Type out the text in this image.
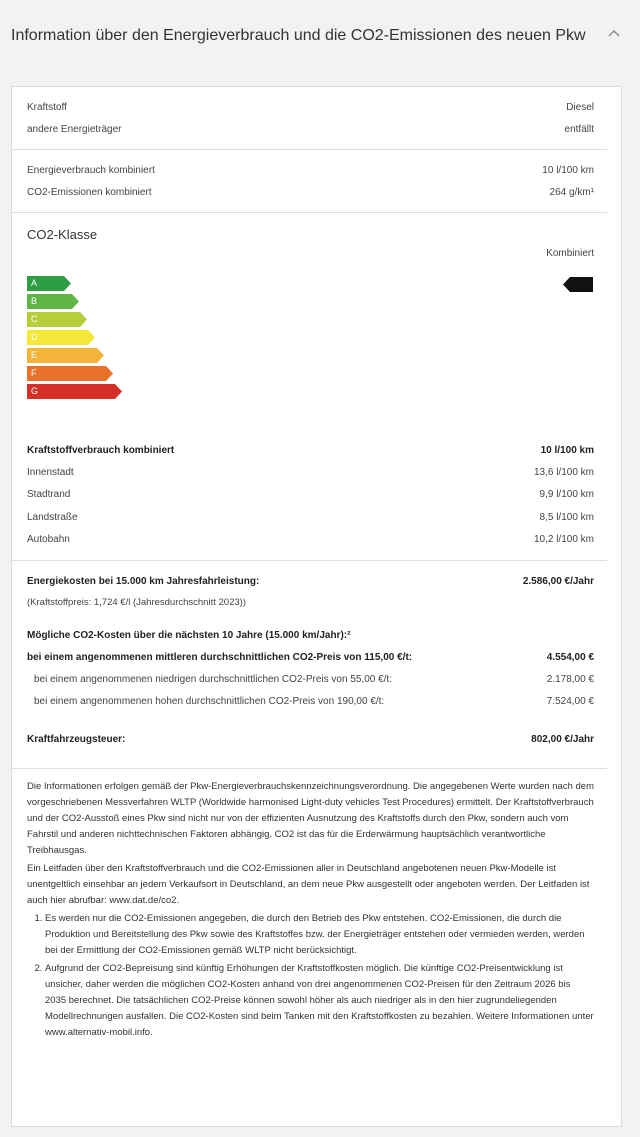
Information über den Energieverbrauch und die CO2-Emissionen des neuen Pkw
Kraftstoff	Diesel
andere Energieträger	entfällt
Energieverbrauch kombiniert	10 l/100 km
CO2-Emissionen kombiniert	264 g/km¹
CO2-Klasse
Kombiniert
A
B
C
D
E
F
G
Kraftstoffverbrauch kombiniert	10 l/100 km
Innenstadt	13,6 l/100 km
Stadtrand	9,9 l/100 km
Landstraße	8,5 l/100 km
Autobahn	10,2 l/100 km
Energiekosten bei 15.000 km Jahresfahrleistung:	2.586,00 €/Jahr
(Kraftstoffpreis: 1,724 €/l (Jahresdurchschnitt 2023))
Mögliche CO2-Kosten über die nächsten 10 Jahre (15.000 km/Jahr):²
bei einem angenommenen mittleren durchschnittlichen CO2-Preis von 115,00 €/t:	4.554,00 €
bei einem angenommenen niedrigen durchschnittlichen CO2-Preis von 55,00 €/t:	2.178,00 €
bei einem angenommenen hohen durchschnittlichen CO2-Preis von 190,00 €/t:	7.524,00 €
Kraftfahrzeugsteuer:	802,00 €/Jahr

Die Informationen erfolgen gemäß der Pkw-Energieverbrauchskennzeichnungsverordnung. Die angegebenen Werte wurden nach dem vorgeschriebenen Messverfahren WLTP (Worldwide harmonised Light-duty vehicles Test Procedures) ermittelt. Der Kraftstoffverbrauch und der CO2-Ausstoß eines Pkw sind nicht nur von der effizienten Ausnutzung des Kraftstoffs durch den Pkw, sondern auch vom Fahrstil und anderen nichttechnischen Faktoren abhängig. CO2 ist das für die Erderwärmung hauptsächlich verantwortliche Treibhausgas.

Ein Leitfaden über den Kraftstoffverbrauch und die CO2-Emissionen aller in Deutschland angebotenen neuen Pkw-Modelle ist unentgeltlich einsehbar an jedem Verkaufsort in Deutschland, an dem neue Pkw ausgestellt oder angeboten werden. Der Leitfaden ist auch hier abrufbar: www.dat.de/co2.

1. Es werden nur die CO2-Emissionen angegeben, die durch den Betrieb des Pkw entstehen. CO2-Emissionen, die durch die Produktion und Bereitstellung des Pkw sowie des Kraftstoffes bzw. der Energieträger entstehen oder vermieden werden, werden bei der Ermittlung der CO2-Emissionen gemäß WLTP nicht berücksichtigt.
2. Aufgrund der CO2-Bepreisung sind künftig Erhöhungen der Kraftstoffkosten möglich. Die künftige CO2-Preisentwicklung ist unsicher, daher werden die möglichen CO2-Kosten anhand von drei angenommenen CO2-Preisen für den Zeitraum 2026 bis 2035 berechnet. Die tatsächlichen CO2-Preise können sowohl höher als auch niedriger als in den hier zugrundeliegenden Modellrechnungen ausfallen. Die CO2-Kosten sind beim Tanken mit den Kraftstoffkosten zu bezahlen. Weitere Informationen unter www.alternativ-mobil.info.
